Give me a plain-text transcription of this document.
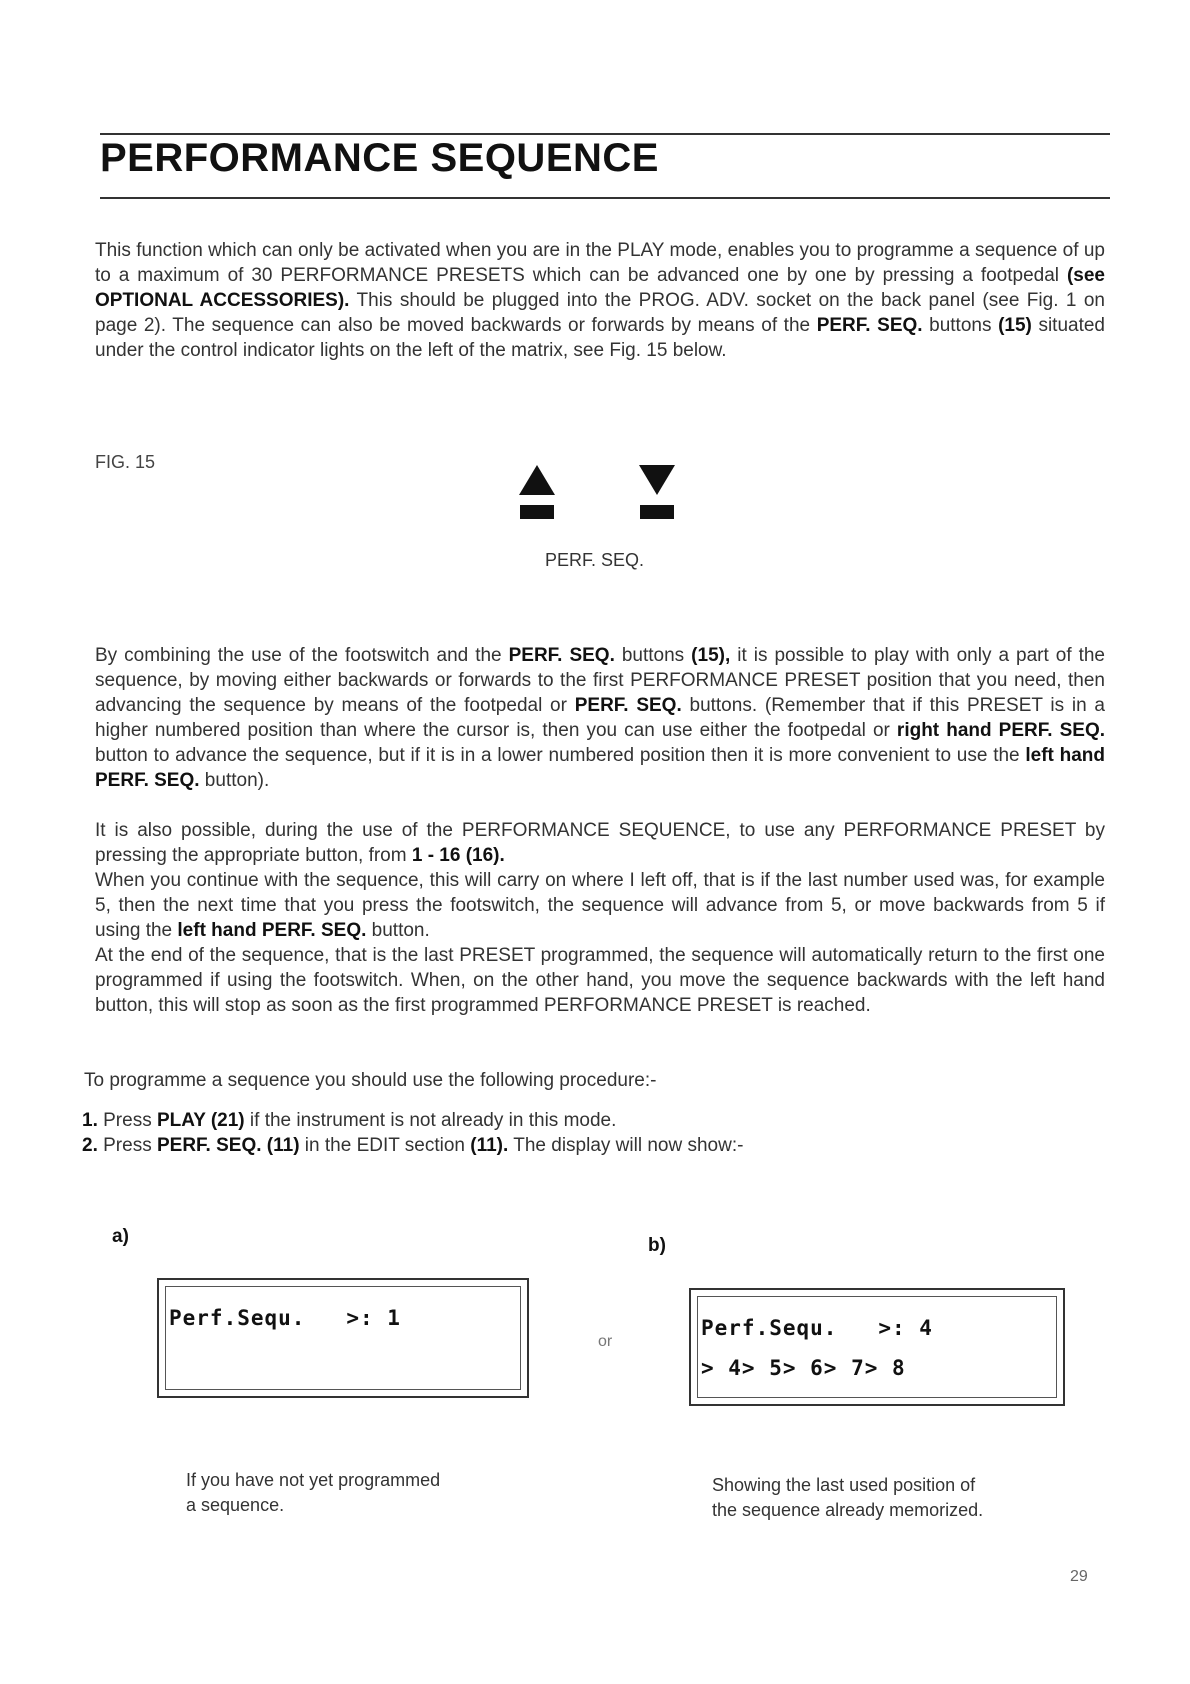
PERFORMANCE SEQUENCE

This function which can only be activated when you are in the PLAY mode, enables you to programme a sequence of up to a maximum of 30 PERFORMANCE PRESETS which can be advanced one by one by pressing a footpedal (see OPTIONAL ACCESSORIES). This should be plugged into the PROG. ADV. socket on the back panel (see Fig. 1 on page 2). The sequence can also be moved backwards or forwards by means of the PERF. SEQ. buttons (15) situated under the control indicator lights on the left of the matrix, see Fig. 15 below.

FIG. 15
PERF. SEQ.

By combining the use of the footswitch and the PERF. SEQ. buttons (15), it is possible to play with only a part of the sequence, by moving either backwards or forwards to the first PERFORMANCE PRESET position that you need, then advancing the sequence by means of the footpedal or PERF. SEQ. buttons. (Remember that if this PRESET is in a higher numbered position than where the cursor is, then you can use either the footpedal or right hand PERF. SEQ. button to advance the sequence, but if it is in a lower numbered position then it is more convenient to use the left hand PERF. SEQ. button).

It is also possible, during the use of the PERFORMANCE SEQUENCE, to use any PERFORMANCE PRESET by pressing the appropriate button, from 1 - 16 (16).

When you continue with the sequence, this will carry on where I left off, that is if the last number used was, for example 5, then the next time that you press the footswitch, the sequence will advance from 5, or move backwards from 5 if using the left hand PERF. SEQ. button.

At the end of the sequence, that is the last PRESET programmed, the sequence will automatically return to the first one programmed if using the footswitch. When, on the other hand, you move the sequence backwards with the left hand button, this will stop as soon as the first programmed PERFORMANCE PRESET is reached.

To programme a sequence you should use the following procedure:-
1. Press PLAY (21) if the instrument is not already in this mode.
2. Press PERF. SEQ. (11) in the EDIT section (11). The display will now show:-
a)
Perf.Sequ.   >: 1
or
b)
Perf.Sequ.   >: 4
> 4> 5> 6> 7> 8
If you have not yet programmed
a sequence.
Showing the last used position of
the sequence already memorized.
29
